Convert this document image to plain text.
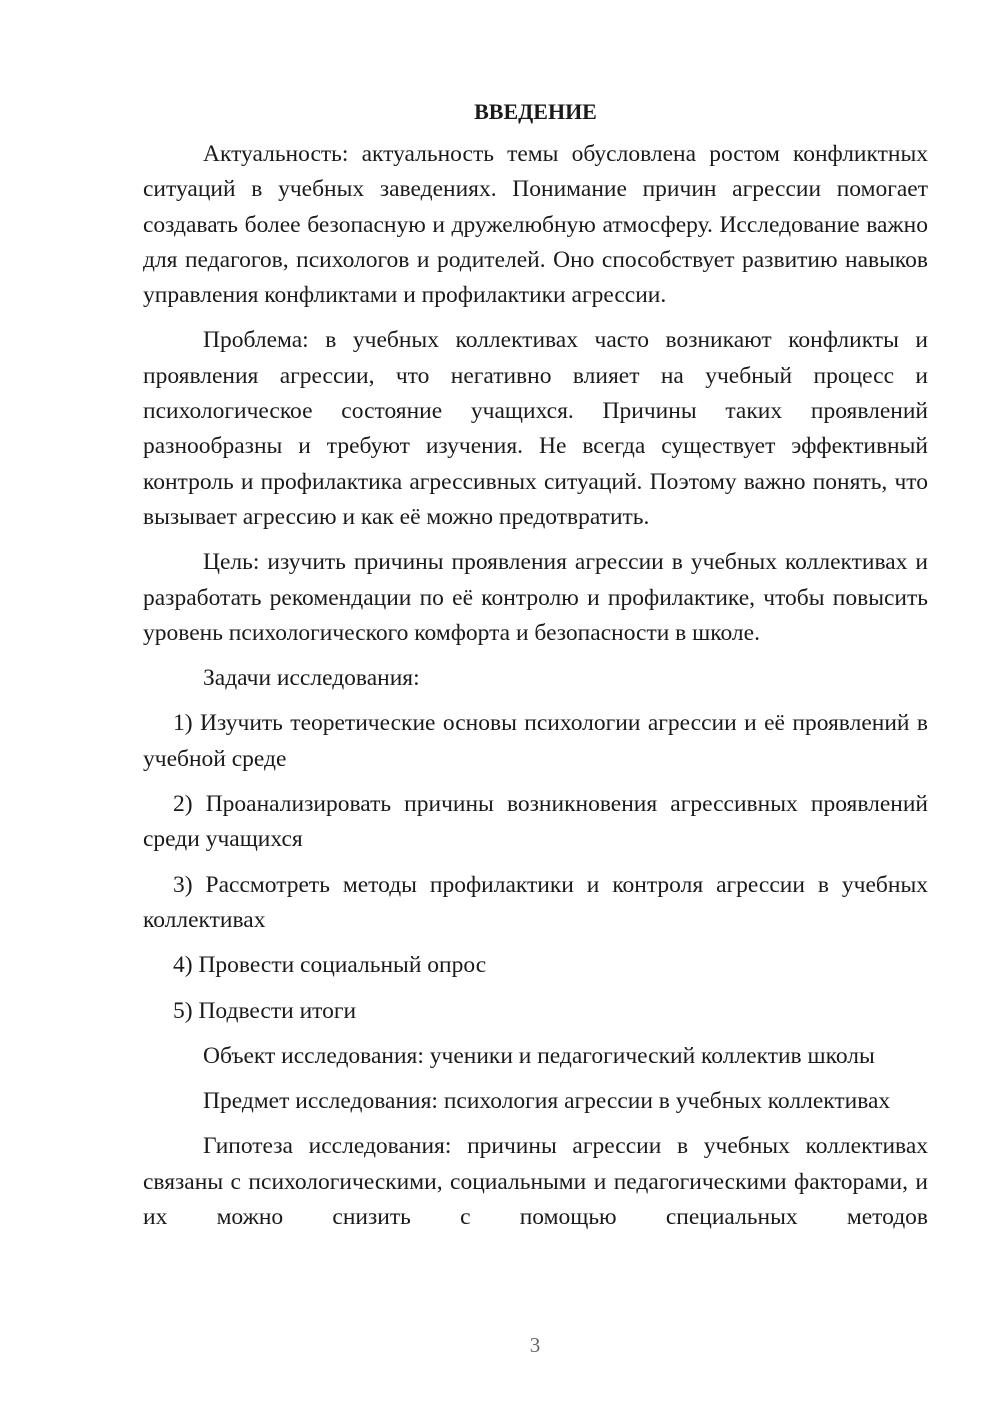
ВВЕДЕНИЕ

Актуальность: актуальность темы обусловлена ростом конфликтных ситуаций в учебных заведениях. Понимание причин агрессии помогает создавать более безопасную и дружелюбную атмосферу. Исследование важно для педагогов, психологов и родителей. Оно способствует развитию навыков управления конфликтами и профилактики агрессии.

Проблема: в учебных коллективах часто возникают конфликты и проявления агрессии, что негативно влияет на учебный процесс и психологическое состояние учащихся. Причины таких проявлений разнообразны и требуют изучения. Не всегда существует эффективный контроль и профилактика агрессивных ситуаций. Поэтому важно понять, что вызывает агрессию и как её можно предотвратить.

Цель: изучить причины проявления агрессии в учебных коллективах и разработать рекомендации по её контролю и профилактике, чтобы повысить уровень психологического комфорта и безопасности в школе.

Задачи исследования:

1) Изучить теоретические основы психологии агрессии и её проявлений в учебной среде

2) Проанализировать причины возникновения агрессивных проявлений среди учащихся

3) Рассмотреть методы профилактики и контроля агрессии в учебных коллективах

4) Провести социальный опрос

5) Подвести итоги

Объект исследования: ученики и педагогический коллектив школы

Предмет исследования: психология агрессии в учебных коллективах

Гипотеза исследования: причины агрессии в учебных коллективах связаны с психологическими, социальными и педагогическими факторами, и их можно снизить с помощью специальных методов

3
